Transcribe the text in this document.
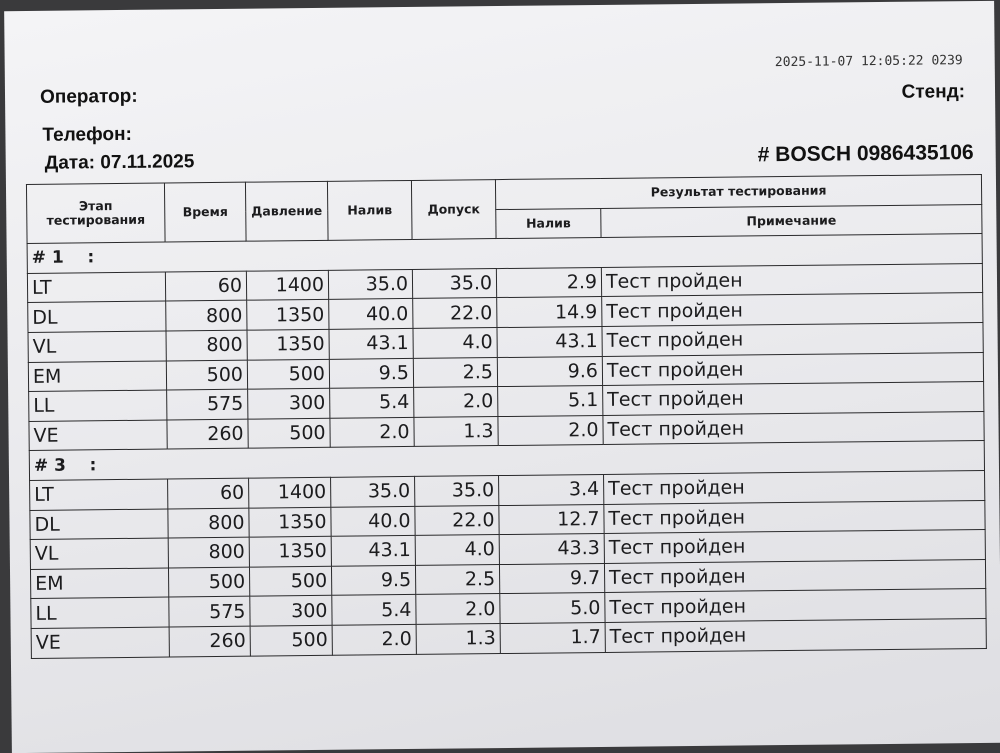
2025-11-07 12:05:22 0239
Оператор:
Телефон:
Дата: 07.11.2025
Стенд:
# BOSCH 0986435106
Этап тестирования	Время	Давление	Налив	Допуск	Результат тестирования	
					Налив	Примечание
# 1    :						
LT	60	1400	35.0	35.0	2.9	Тест пройден
DL	800	1350	40.0	22.0	14.9	Тест пройден
VL	800	1350	43.1	4.0	43.1	Тест пройден
EM	500	500	9.5	2.5	9.6	Тест пройден
LL	575	300	5.4	2.0	5.1	Тест пройден
VE	260	500	2.0	1.3	2.0	Тест пройден
# 3    :						
LT	60	1400	35.0	35.0	3.4	Тест пройден
DL	800	1350	40.0	22.0	12.7	Тест пройден
VL	800	1350	43.1	4.0	43.3	Тест пройден
EM	500	500	9.5	2.5	9.7	Тест пройден
LL	575	300	5.4	2.0	5.0	Тест пройден
VE	260	500	2.0	1.3	1.7	Тест пройден
